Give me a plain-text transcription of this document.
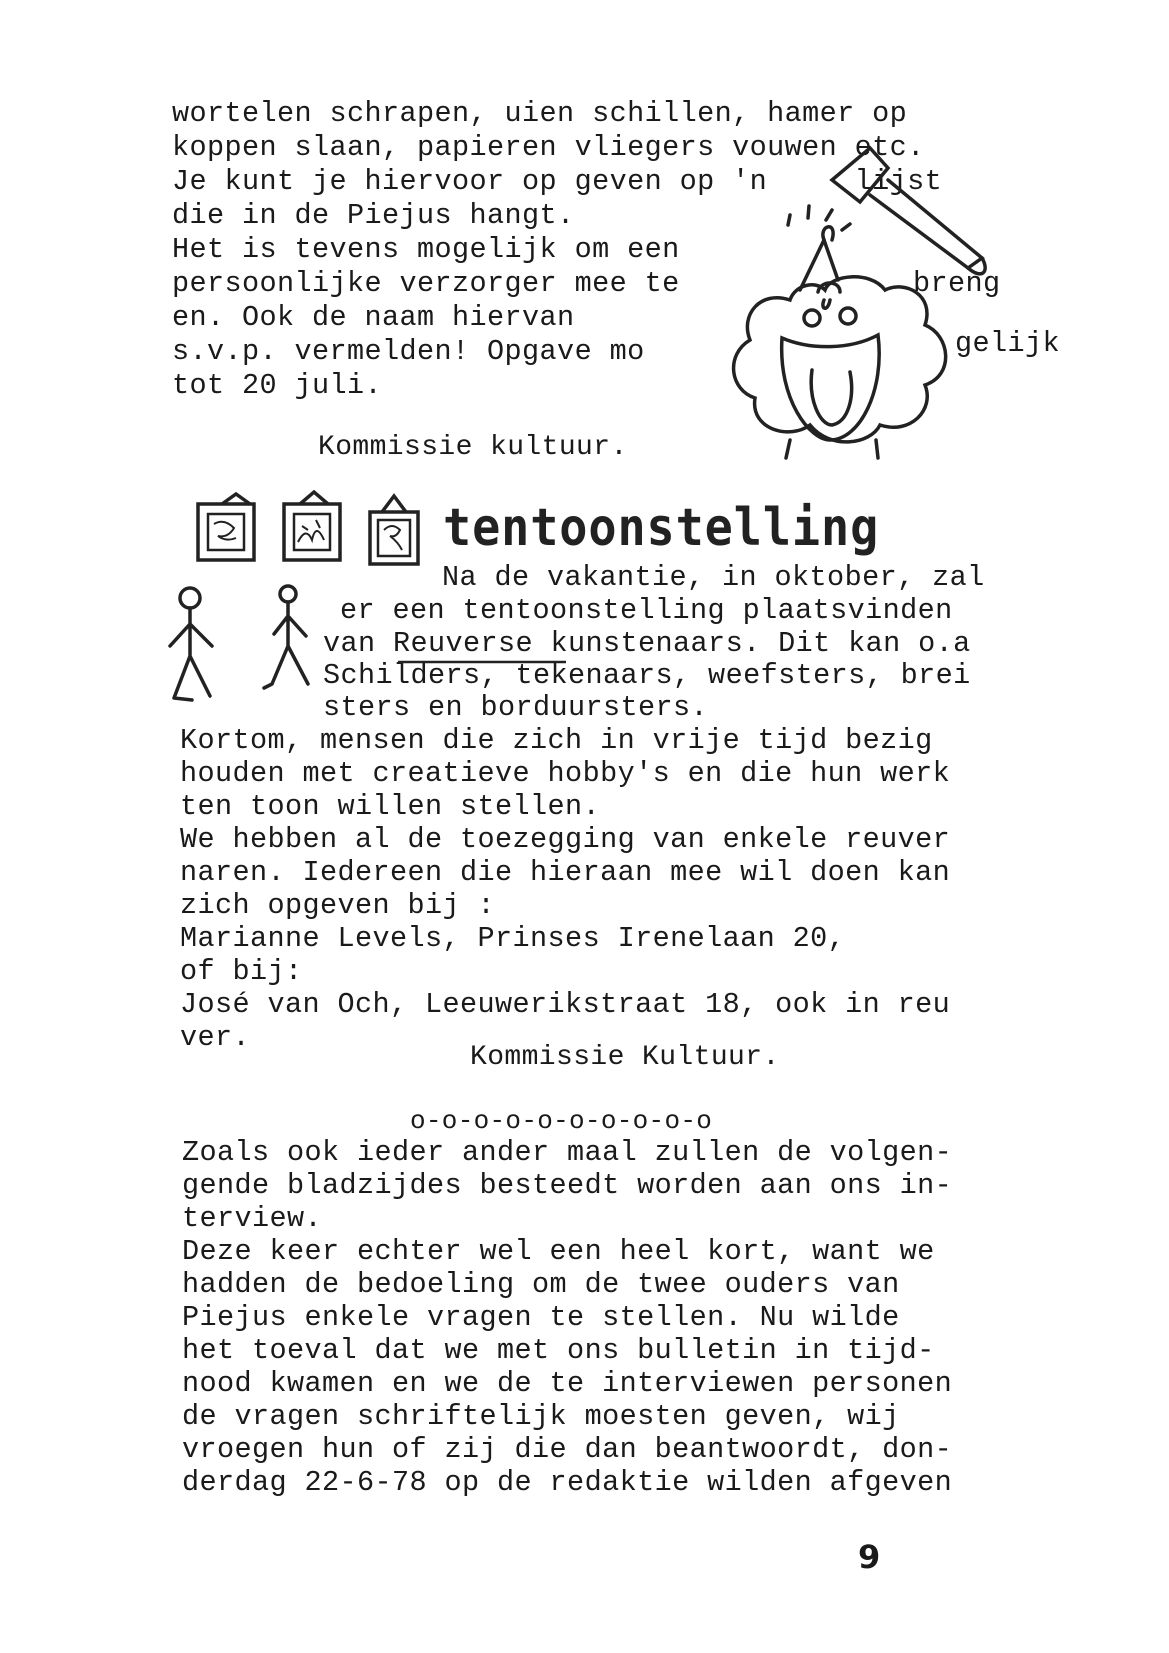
wortelen schrapen, uien schillen, hamer op
koppen slaan, papieren vliegers vouwen etc.
Je kunt je hiervoor op geven op 'n     lijst
die in de Piejus hangt.
Het is tevens mogelijk om een
persoonlijke verzorger mee te
en. Ook de naam hiervan
s.v.p. vermelden! Opgave mo
tot 20 juli.
breng
gelijk
Kommissie kultuur.
tentoonstelling
Na de vakantie, in oktober, zal
er een tentoonstelling plaatsvinden
van Reuverse kunstenaars. Dit kan o.a
Schilders, tekenaars, weefsters, brei
sters en borduursters.
Kortom, mensen die zich in vrije tijd bezig
houden met creatieve hobby's en die hun werk
ten toon willen stellen.
We hebben al de toezegging van enkele reuver
naren. Iedereen die hieraan mee wil doen kan
zich opgeven bij :
Marianne Levels, Prinses Irenelaan 20,
of bij:
José van Och, Leeuwerikstraat 18, ook in reu
ver.
Kommissie Kultuur.
o-o-o-o-o-o-o-o-o-o
Zoals ook ieder ander maal zullen de volgen-
gende bladzijdes besteedt worden aan ons in-
terview.
Deze keer echter wel een heel kort, want we
hadden de bedoeling om de twee ouders van
Piejus enkele vragen te stellen. Nu wilde
het toeval dat we met ons bulletin in tijd-
nood kwamen en we de te interviewen personen
de vragen schriftelijk moesten geven, wij
vroegen hun of zij die dan beantwoordt, don-
derdag 22-6-78 op de redaktie wilden afgeven
9
